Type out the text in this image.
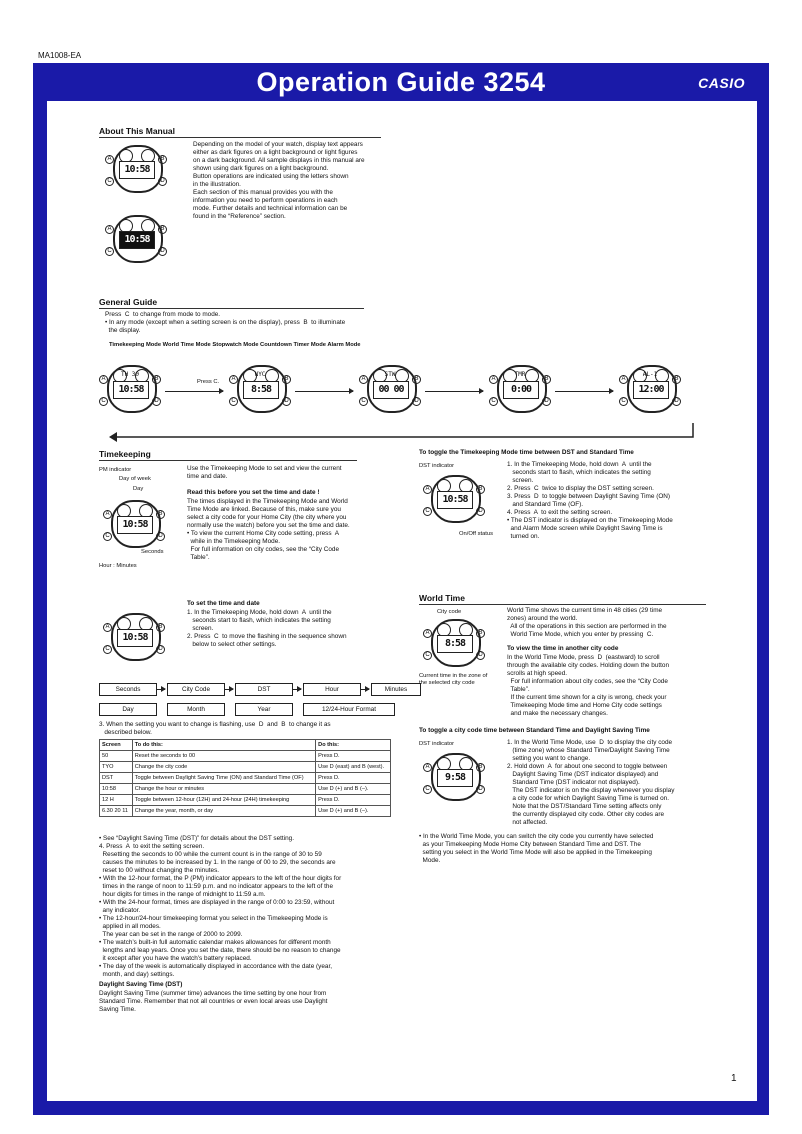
MA1008-EA
Operation Guide 3254	CASIO
About This Manual
Depending on the model of your watch, display text appears
either as dark figures on a light background or light figures
on a dark background. All sample displays in this manual are
shown using dark figures on a light background.
Button operations are indicated using the letters shown
in the illustration.
Each section of this manual provides you with the
information you need to perform operations in each
mode. Further details and technical information can be
found in the “Reference” section.
10:58
A	B
C	D
10:58
A	B
C	D
General Guide
Press  C  to change from mode to mode.
• In any mode (except when a setting screen is on the display), press  B  to illuminate
the display.
Timekeeping Mode World Time Mode Stopwatch Mode Countdown Timer Mode Alarm Mode
A	B
C	D
TH 30
10:58
A	B
C	D
NYC
8:58
A	B
C	D
STW
00 00
A	B
C	D
TMR
0:00
A	B
C	D
AL-1
12:00
Press C.
Timekeeping
PM indicator
Day of week
Day
10:58
A	B
C	D
Seconds
Hour : Minutes
Use the Timekeeping Mode to set and view the current
time and date.
Read this before you set the time and date !
The times displayed in the Timekeeping Mode and World
Time Mode are linked. Because of this, make sure you
select a city code for your Home City (the city where you
normally use the watch) before you set the time and date.
• To view the current Home City code setting, press  A
while in the Timekeeping Mode.
For full information on city codes, see the “City Code
Table”.
To set the time and date
1. In the Timekeeping Mode, hold down  A  until the
seconds start to flash, which indicates the setting
screen.
2. Press  C  to move the flashing in the sequence shown
below to select other settings.
10:58
A	B
C	D
Seconds	City Code	DST	Hour	Minutes
Day	Month	Year	12/24-Hour Format
3. When the setting you want to change is flashing, use  D  and  B  to change it as
described below.
Screen	To do this:	Do this:
50	Reset the seconds to 00	Press D.
TYO	Change the city code	Use D (east) and B (west).
DST	Toggle between Daylight Saving Time (ON) and Standard Time (OF)	Press D.
10:58	Change the hour or minutes	Use D (+) and B (–).
12 H	Toggle between 12-hour (12H) and 24-hour (24H) timekeeping	Press D.
6.30 20 11	Change the year, month, or day	Use D (+) and B (–).
• See “Daylight Saving Time (DST)” for details about the DST setting.
4. Press  A  to exit the setting screen.
Resetting the seconds to 00 while the current count is in the range of 30 to 59
causes the minutes to be increased by 1. In the range of 00 to 29, the seconds are
reset to 00 without changing the minutes.
• With the 12-hour format, the P (PM) indicator appears to the left of the hour digits for
times in the range of noon to 11:59 p.m. and no indicator appears to the left of the
hour digits for times in the range of midnight to 11:59 a.m.
• With the 24-hour format, times are displayed in the range of 0:00 to 23:59, without
any indicator.
• The 12-hour/24-hour timekeeping format you select in the Timekeeping Mode is
applied in all modes.
The year can be set in the range of 2000 to 2099.
• The watch’s built-in full automatic calendar makes allowances for different month
lengths and leap years. Once you set the date, there should be no reason to change
it except after you have the watch’s battery replaced.
• The day of the week is automatically displayed in accordance with the date (year,
month, and day) settings.
Daylight Saving Time (DST)
Daylight Saving Time (summer time) advances the time setting by one hour from
Standard Time. Remember that not all countries or even local areas use Daylight
Saving Time.
To toggle the Timekeeping Mode time between DST and Standard Time
DST indicator
10:58
A	B
C	D
On/Off status
1. In the Timekeeping Mode, hold down  A  until the
seconds start to flash, which indicates the setting
screen.
2. Press  C  twice to display the DST setting screen.
3. Press  D  to toggle between Daylight Saving Time (ON)
and Standard Time (OF).
4. Press  A  to exit the setting screen.
• The DST indicator is displayed on the Timekeeping Mode
and Alarm Mode screen while Daylight Saving Time is
turned on.
World Time
City code
8:58
A	B
C	D
Current time in the zone of
the selected city code
World Time shows the current time in 48 cities (29 time
zones) around the world.
All of the operations in this section are performed in the
World Time Mode, which you enter by pressing  C.
To view the time in another city code
In the World Time Mode, press  D  (eastward) to scroll
through the available city codes. Holding down the button
scrolls at high speed.
For full information about city codes, see the “City Code
Table”.
If the current time shown for a city is wrong, check your
Timekeeping Mode time and Home City code settings
and make the necessary changes.
To toggle a city code time between Standard Time and Daylight Saving Time
DST indicator
9:58
A	B
C	D
1. In the World Time Mode, use  D  to display the city code
(time zone) whose Standard Time/Daylight Saving Time
setting you want to change.
2. Hold down  A  for about one second to toggle between
Daylight Saving Time (DST indicator displayed) and
Standard Time (DST indicator not displayed).
The DST indicator is on the display whenever you display
a city code for which Daylight Saving Time is turned on.
Note that the DST/Standard Time setting affects only
the currently displayed city code. Other city codes are
not affected.
• In the World Time Mode, you can switch the city code you currently have selected
as your Timekeeping Mode Home City between Standard Time and DST. The
setting you select in the World Time Mode will also be applied in the Timekeeping
Mode.
1
